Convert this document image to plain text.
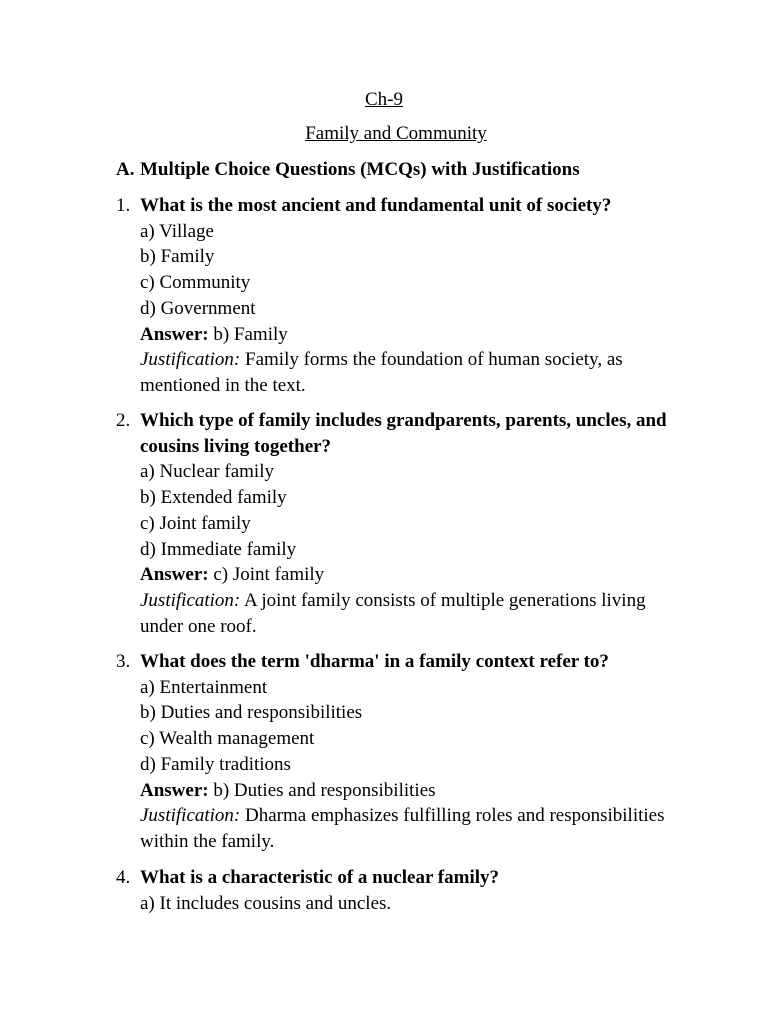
Ch-9
Family and Community
A. Multiple Choice Questions (MCQs) with Justifications
1. What is the most ancient and fundamental unit of society?
a) Village
b) Family
c) Community
d) Government
Answer: b) Family
Justification: Family forms the foundation of human society, as mentioned in the text.
2. Which type of family includes grandparents, parents, uncles, and cousins living together?
a) Nuclear family
b) Extended family
c) Joint family
d) Immediate family
Answer: c) Joint family
Justification: A joint family consists of multiple generations living under one roof.
3. What does the term 'dharma' in a family context refer to?
a) Entertainment
b) Duties and responsibilities
c) Wealth management
d) Family traditions
Answer: b) Duties and responsibilities
Justification: Dharma emphasizes fulfilling roles and responsibilities within the family.
4. What is a characteristic of a nuclear family?
a) It includes cousins and uncles.
